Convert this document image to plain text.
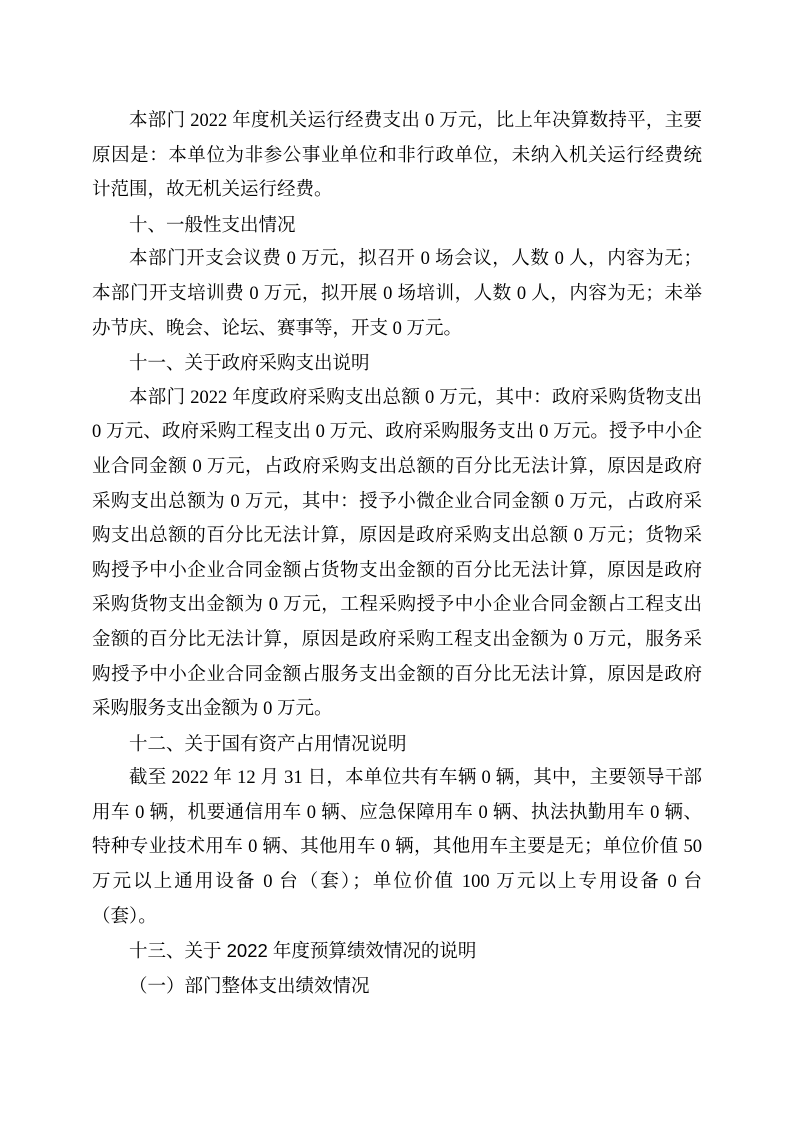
本部门 2022 年度机关运行经费支出 0 万元，比上年决算数持平，主要原因是：本单位为非参公事业单位和非行政单位，未纳入机关运行经费统计范围，故无机关运行经费。

十、一般性支出情况

本部门开支会议费 0 万元，拟召开 0 场会议，人数 0 人，内容为无；本部门开支培训费 0 万元，拟开展 0 场培训，人数 0 人，内容为无；未举办节庆、晚会、论坛、赛事等，开支 0 万元。

十一、关于政府采购支出说明

本部门 2022 年度政府采购支出总额 0 万元，其中：政府采购货物支出 0 万元、政府采购工程支出 0 万元、政府采购服务支出 0 万元。授予中小企业合同金额 0 万元，占政府采购支出总额的百分比无法计算，原因是政府采购支出总额为 0 万元，其中：授予小微企业合同金额 0 万元，占政府采购支出总额的百分比无法计算，原因是政府采购支出总额 0 万元；货物采购授予中小企业合同金额占货物支出金额的百分比无法计算，原因是政府采购货物支出金额为 0 万元，工程采购授予中小企业合同金额占工程支出金额的百分比无法计算，原因是政府采购工程支出金额为 0 万元，服务采购授予中小企业合同金额占服务支出金额的百分比无法计算，原因是政府采购服务支出金额为 0 万元。

十二、关于国有资产占用情况说明

截至 2022 年 12 月 31 日，本单位共有车辆 0 辆，其中，主要领导干部用车 0 辆，机要通信用车 0 辆、应急保障用车 0 辆、执法执勤用车 0 辆、特种专业技术用车 0 辆、其他用车 0 辆，其他用车主要是无；单位价值 50 万元以上通用设备 0 台（套）；单位价值 100 万元以上专用设备 0 台（套）。

十三、关于 2022 年度预算绩效情况的说明
（一）部门整体支出绩效情况
